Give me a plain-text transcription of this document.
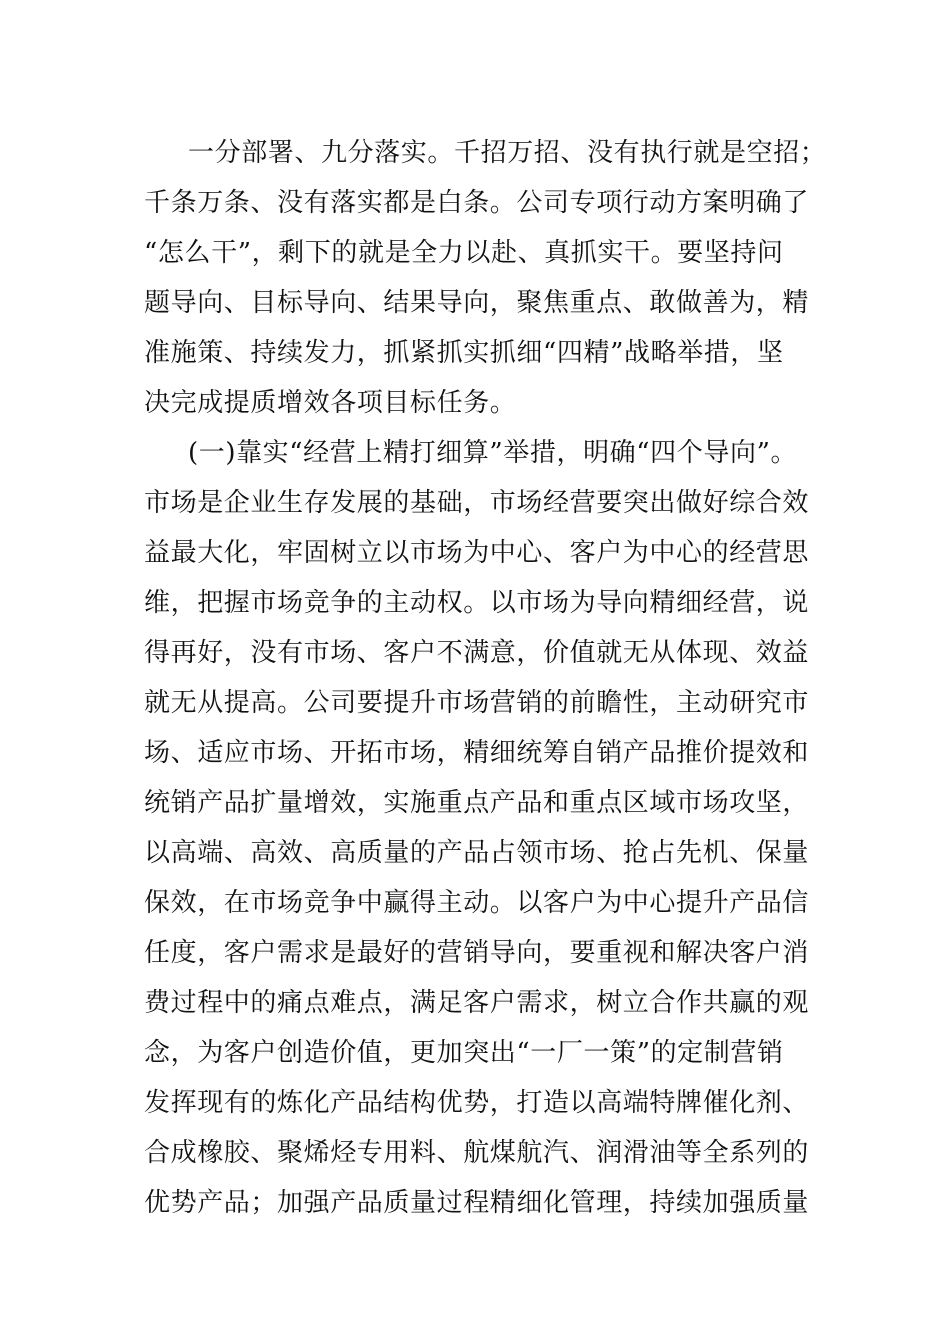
一分部署、九分落实。千招万招、没有执行就是空招；
千条万条、没有落实都是白条。公司专项行动方案明确了
“怎么干”，剩下的就是全力以赴、真抓实干。要坚持问
题导向、目标导向、结果导向，聚焦重点、敢做善为，精
准施策、持续发力，抓紧抓实抓细“四精”战略举措，坚
决完成提质增效各项目标任务。
(一)靠实“经营上精打细算”举措，明确“四个导向”。
市场是企业生存发展的基础，市场经营要突出做好综合效
益最大化，牢固树立以市场为中心、客户为中心的经营思
维，把握市场竞争的主动权。以市场为导向精细经营，说
得再好，没有市场、客户不满意，价值就无从体现、效益
就无从提高。公司要提升市场营销的前瞻性，主动研究市
场、适应市场、开拓市场，精细统筹自销产品推价提效和
统销产品扩量增效，实施重点产品和重点区域市场攻坚，
以高端、高效、高质量的产品占领市场、抢占先机、保量
保效，在市场竞争中赢得主动。以客户为中心提升产品信
任度，客户需求是最好的营销导向，要重视和解决客户消
费过程中的痛点难点，满足客户需求，树立合作共赢的观
念，为客户创造价值，更加突出“一厂一策”的定制营销
发挥现有的炼化产品结构优势，打造以高端特牌催化剂、
合成橡胶、聚烯烃专用料、航煤航汽、润滑油等全系列的
优势产品；加强产品质量过程精细化管理，持续加强质量
